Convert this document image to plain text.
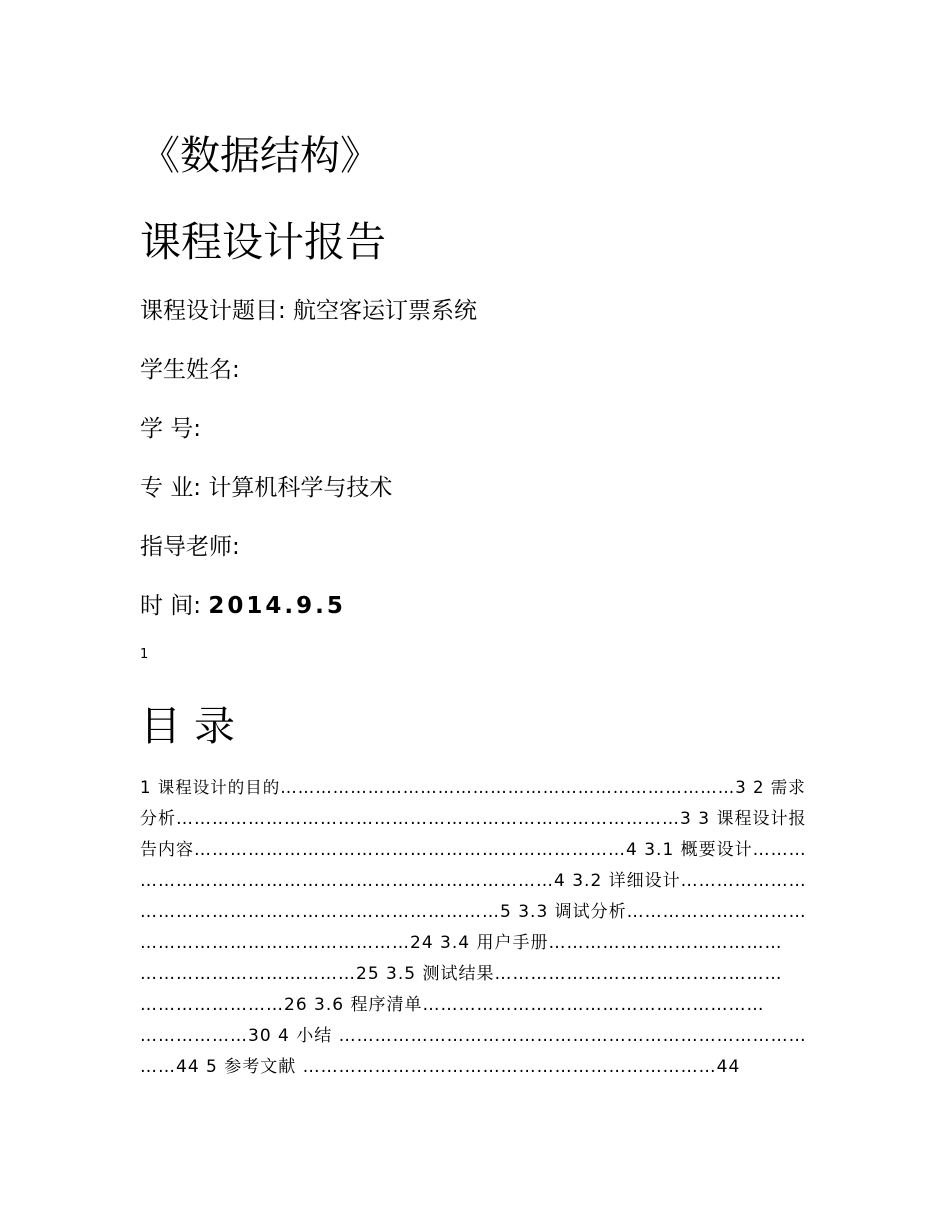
《数据结构》
课程设计报告
课程设计题目: 航空客运订票系统
学生姓名:
学 号:
专 业: 计算机科学与技术
指导老师:
时 间: 2014.9.5
1
目 录
1 课程设计的目的……………………………………………………………………3 2 需求
分析…………………………………………………………………………3 3 课程设计报
告内容………………………………………………………………4 3.1 概要设计………
……………………………………………………………4 3.2 详细设计…………………
……………………………………………………5 3.3 调试分析…………………………
………………………………………24 3.4 用户手册…………………………………
………………………………25 3.5 测试结果…………………………………………
……………………26 3.6 程序清单…………………………………………………
………………30 4 小结 ……………………………………………………………………
……44 5 参考文献 ……………………………………………………………44
